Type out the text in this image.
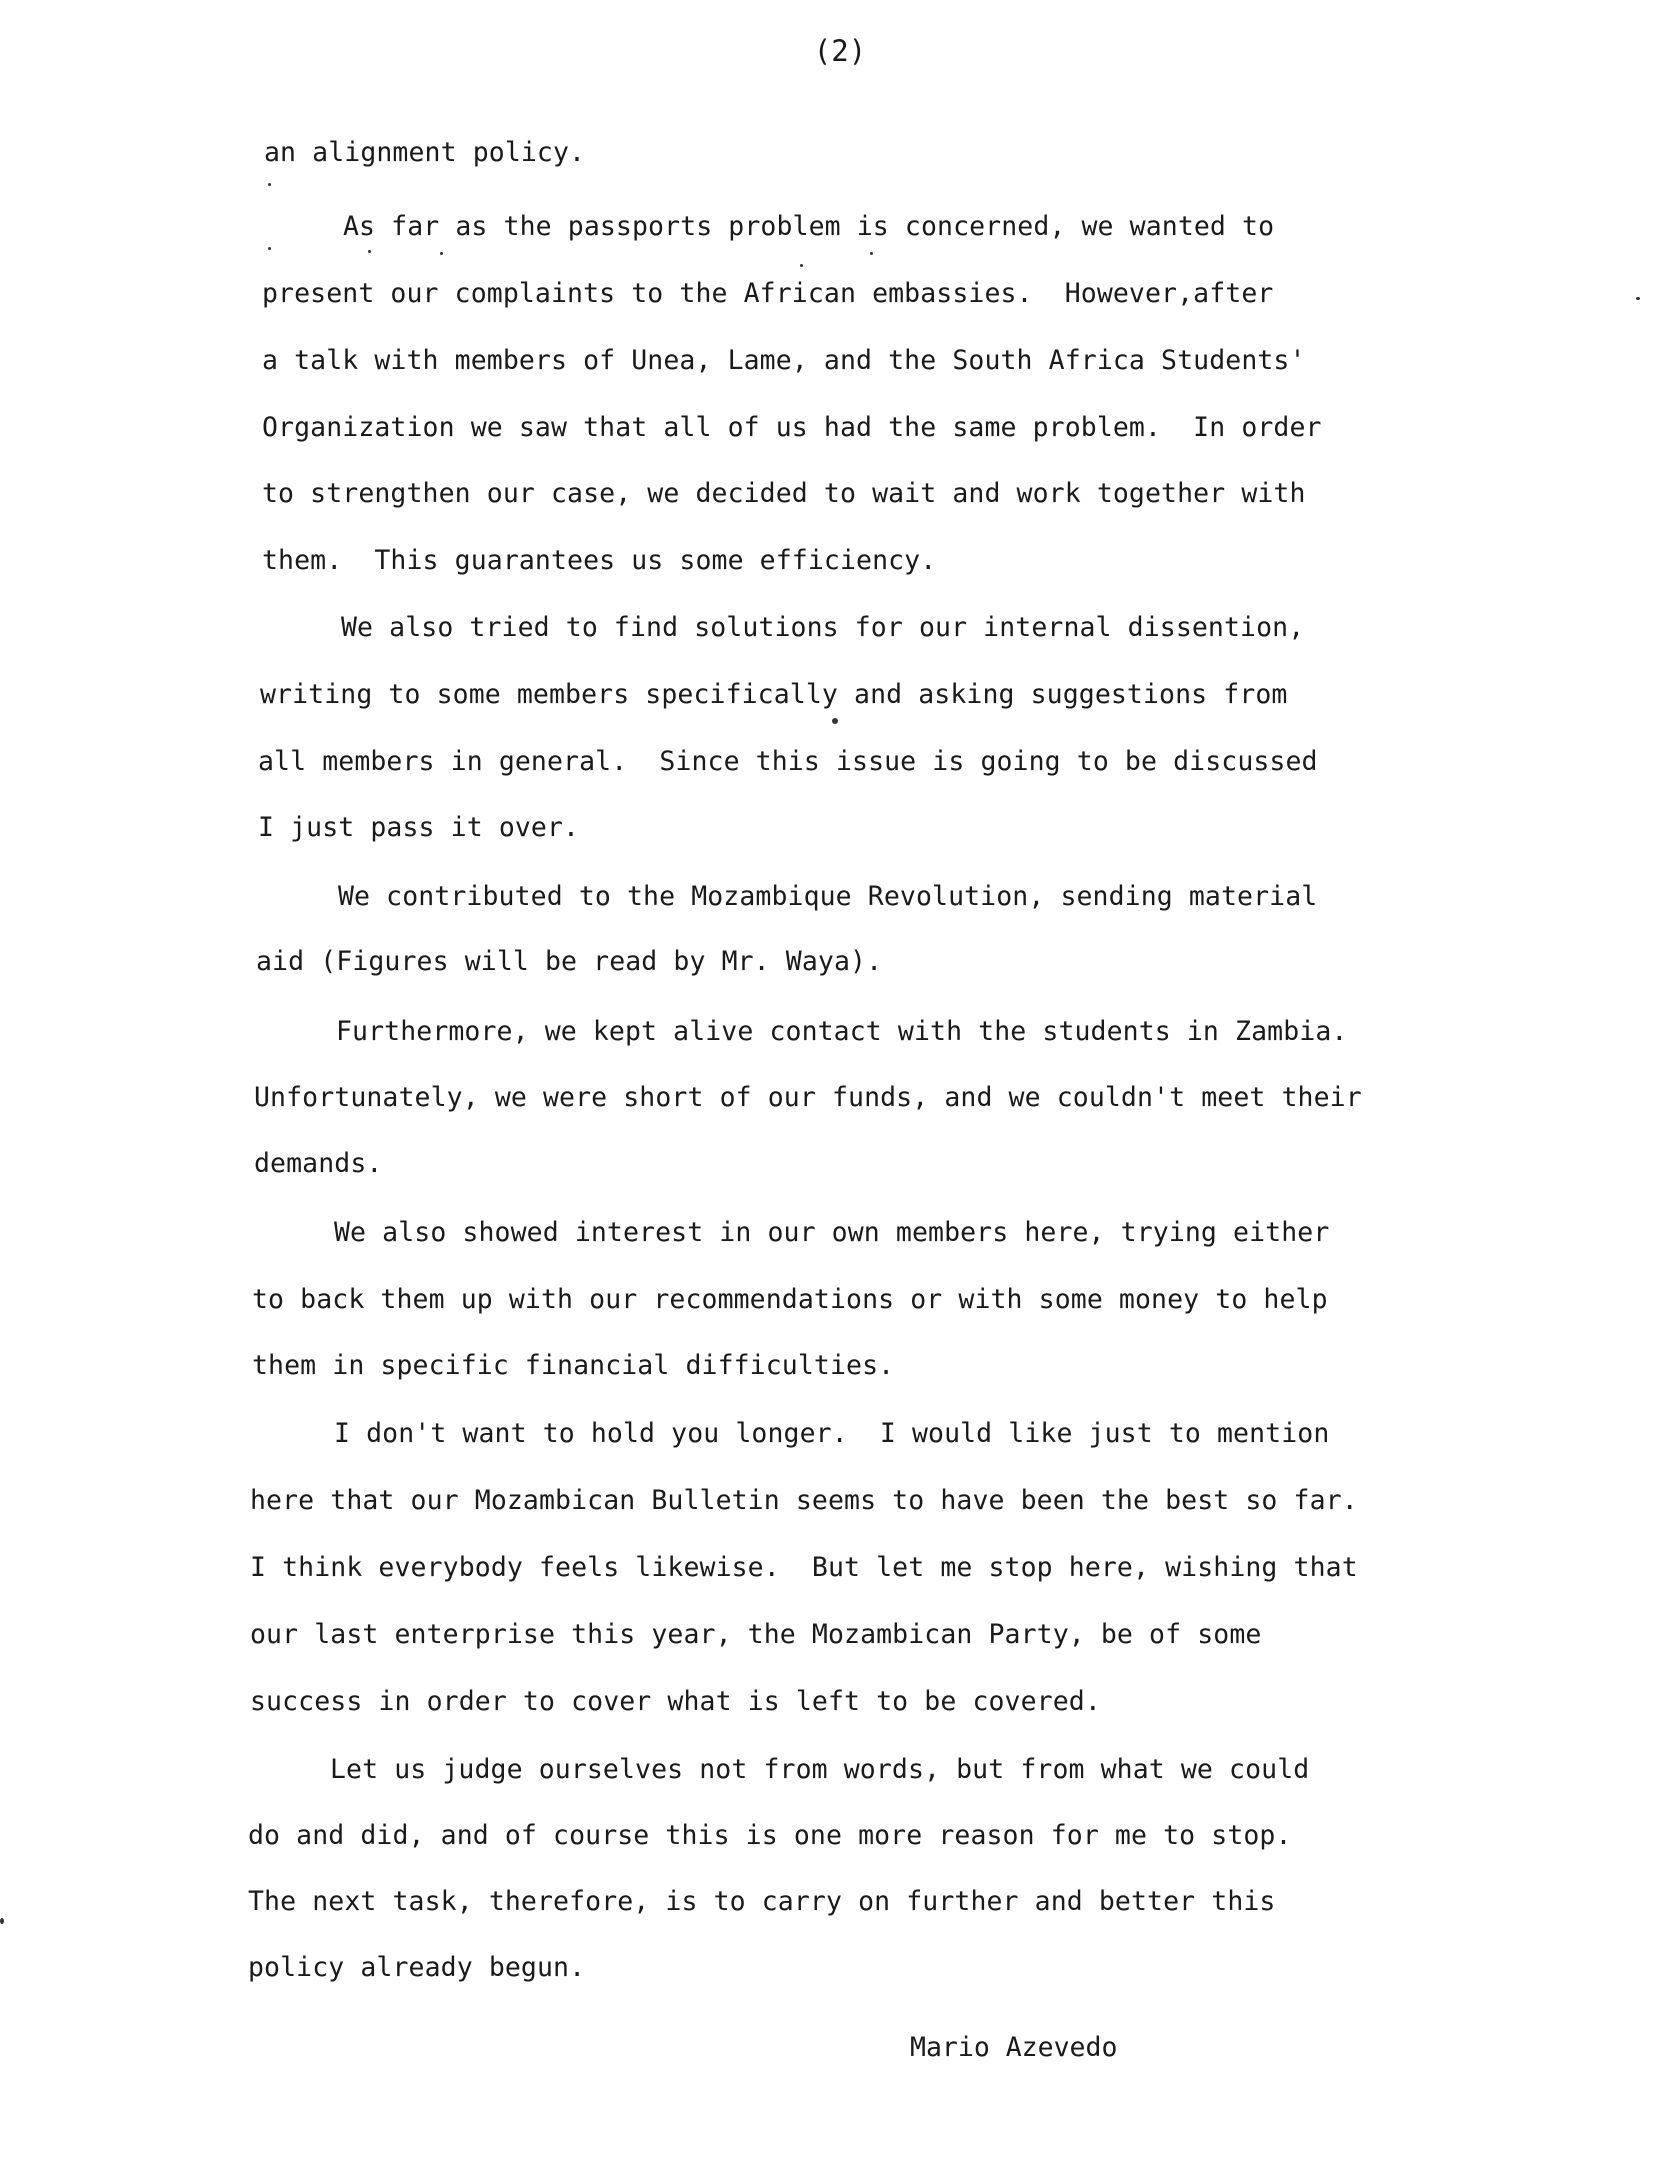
(2)
an alignment policy.
As far as the passports problem is concerned, we wanted to
present our complaints to the African embassies.  However,after
a talk with members of Unea, Lame, and the South Africa Students'
Organization we saw that all of us had the same problem.  In order
to strengthen our case, we decided to wait and work together with
them.  This guarantees us some efficiency.
We also tried to find solutions for our internal dissention,
writing to some members specifically and asking suggestions from
all members in general.  Since this issue is going to be discussed
I just pass it over.
We contributed to the Mozambique Revolution, sending material
aid (Figures will be read by Mr. Waya).
Furthermore, we kept alive contact with the students in Zambia.
Unfortunately, we were short of our funds, and we couldn't meet their
demands.
We also showed interest in our own members here, trying either
to back them up with our recommendations or with some money to help
them in specific financial difficulties.
I don't want to hold you longer.  I would like just to mention
here that our Mozambican Bulletin seems to have been the best so far.
I think everybody feels likewise.  But let me stop here, wishing that
our last enterprise this year, the Mozambican Party, be of some
success in order to cover what is left to be covered.
Let us judge ourselves not from words, but from what we could
do and did, and of course this is one more reason for me to stop.
The next task, therefore, is to carry on further and better this
policy already begun.
Mario Azevedo
